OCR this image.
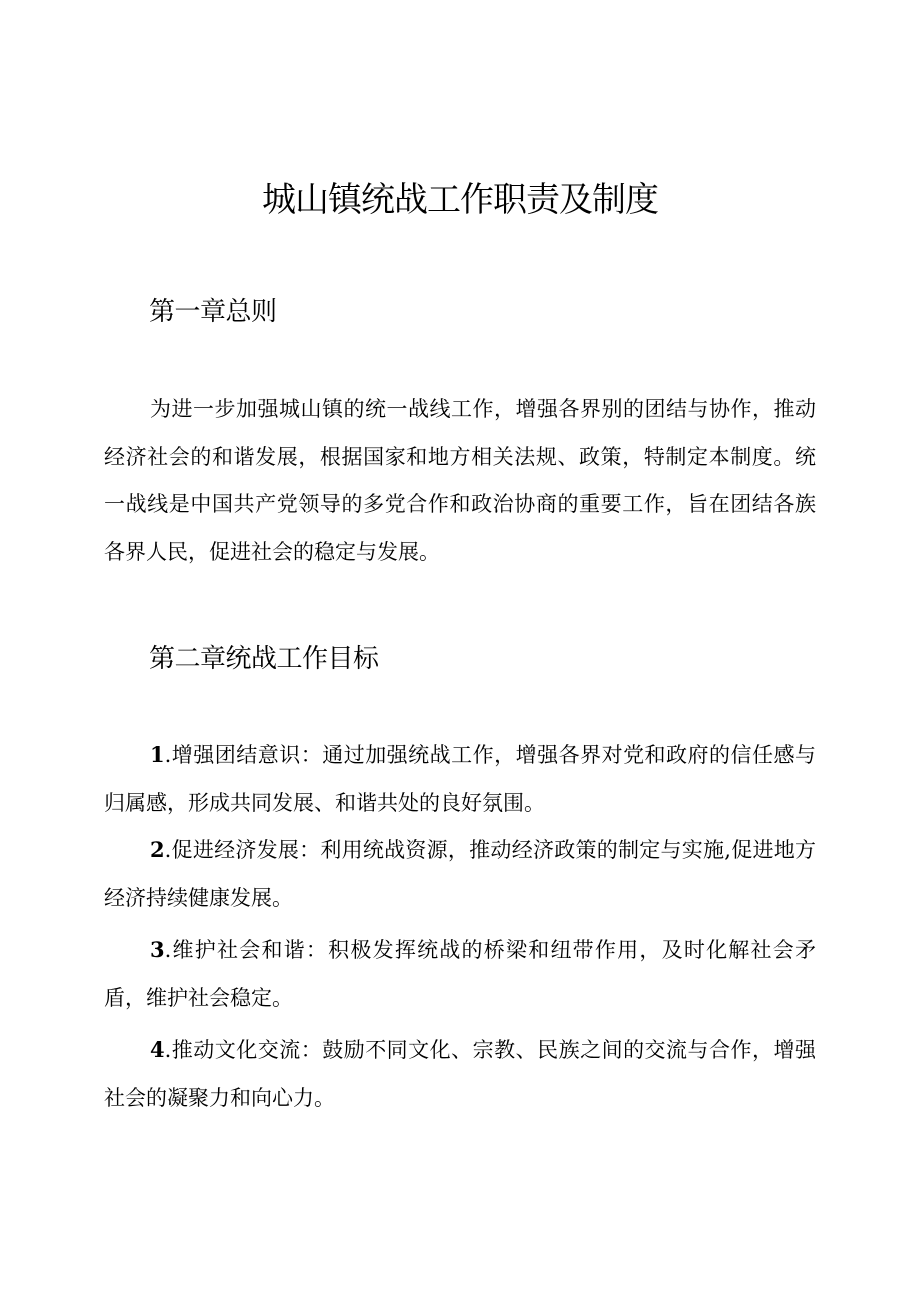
城山镇统战工作职责及制度
第一章总则

为进一步加强城山镇的统一战线工作，增强各界别的团结与协作，推动经济社会的和谐发展，根据国家和地方相关法规、政策，特制定本制度。统一战线是中国共产党领导的多党合作和政治协商的重要工作，旨在团结各族各界人民，促进社会的稳定与发展。

第二章统战工作目标

1.增强团结意识：通过加强统战工作，增强各界对党和政府的信任感与归属感，形成共同发展、和谐共处的良好氛围。

2.促进经济发展：利用统战资源，推动经济政策的制定与实施,促进地方经济持续健康发展。

3.维护社会和谐：积极发挥统战的桥梁和纽带作用，及时化解社会矛盾，维护社会稳定。

4.推动文化交流：鼓励不同文化、宗教、民族之间的交流与合作，增强社会的凝聚力和向心力。
